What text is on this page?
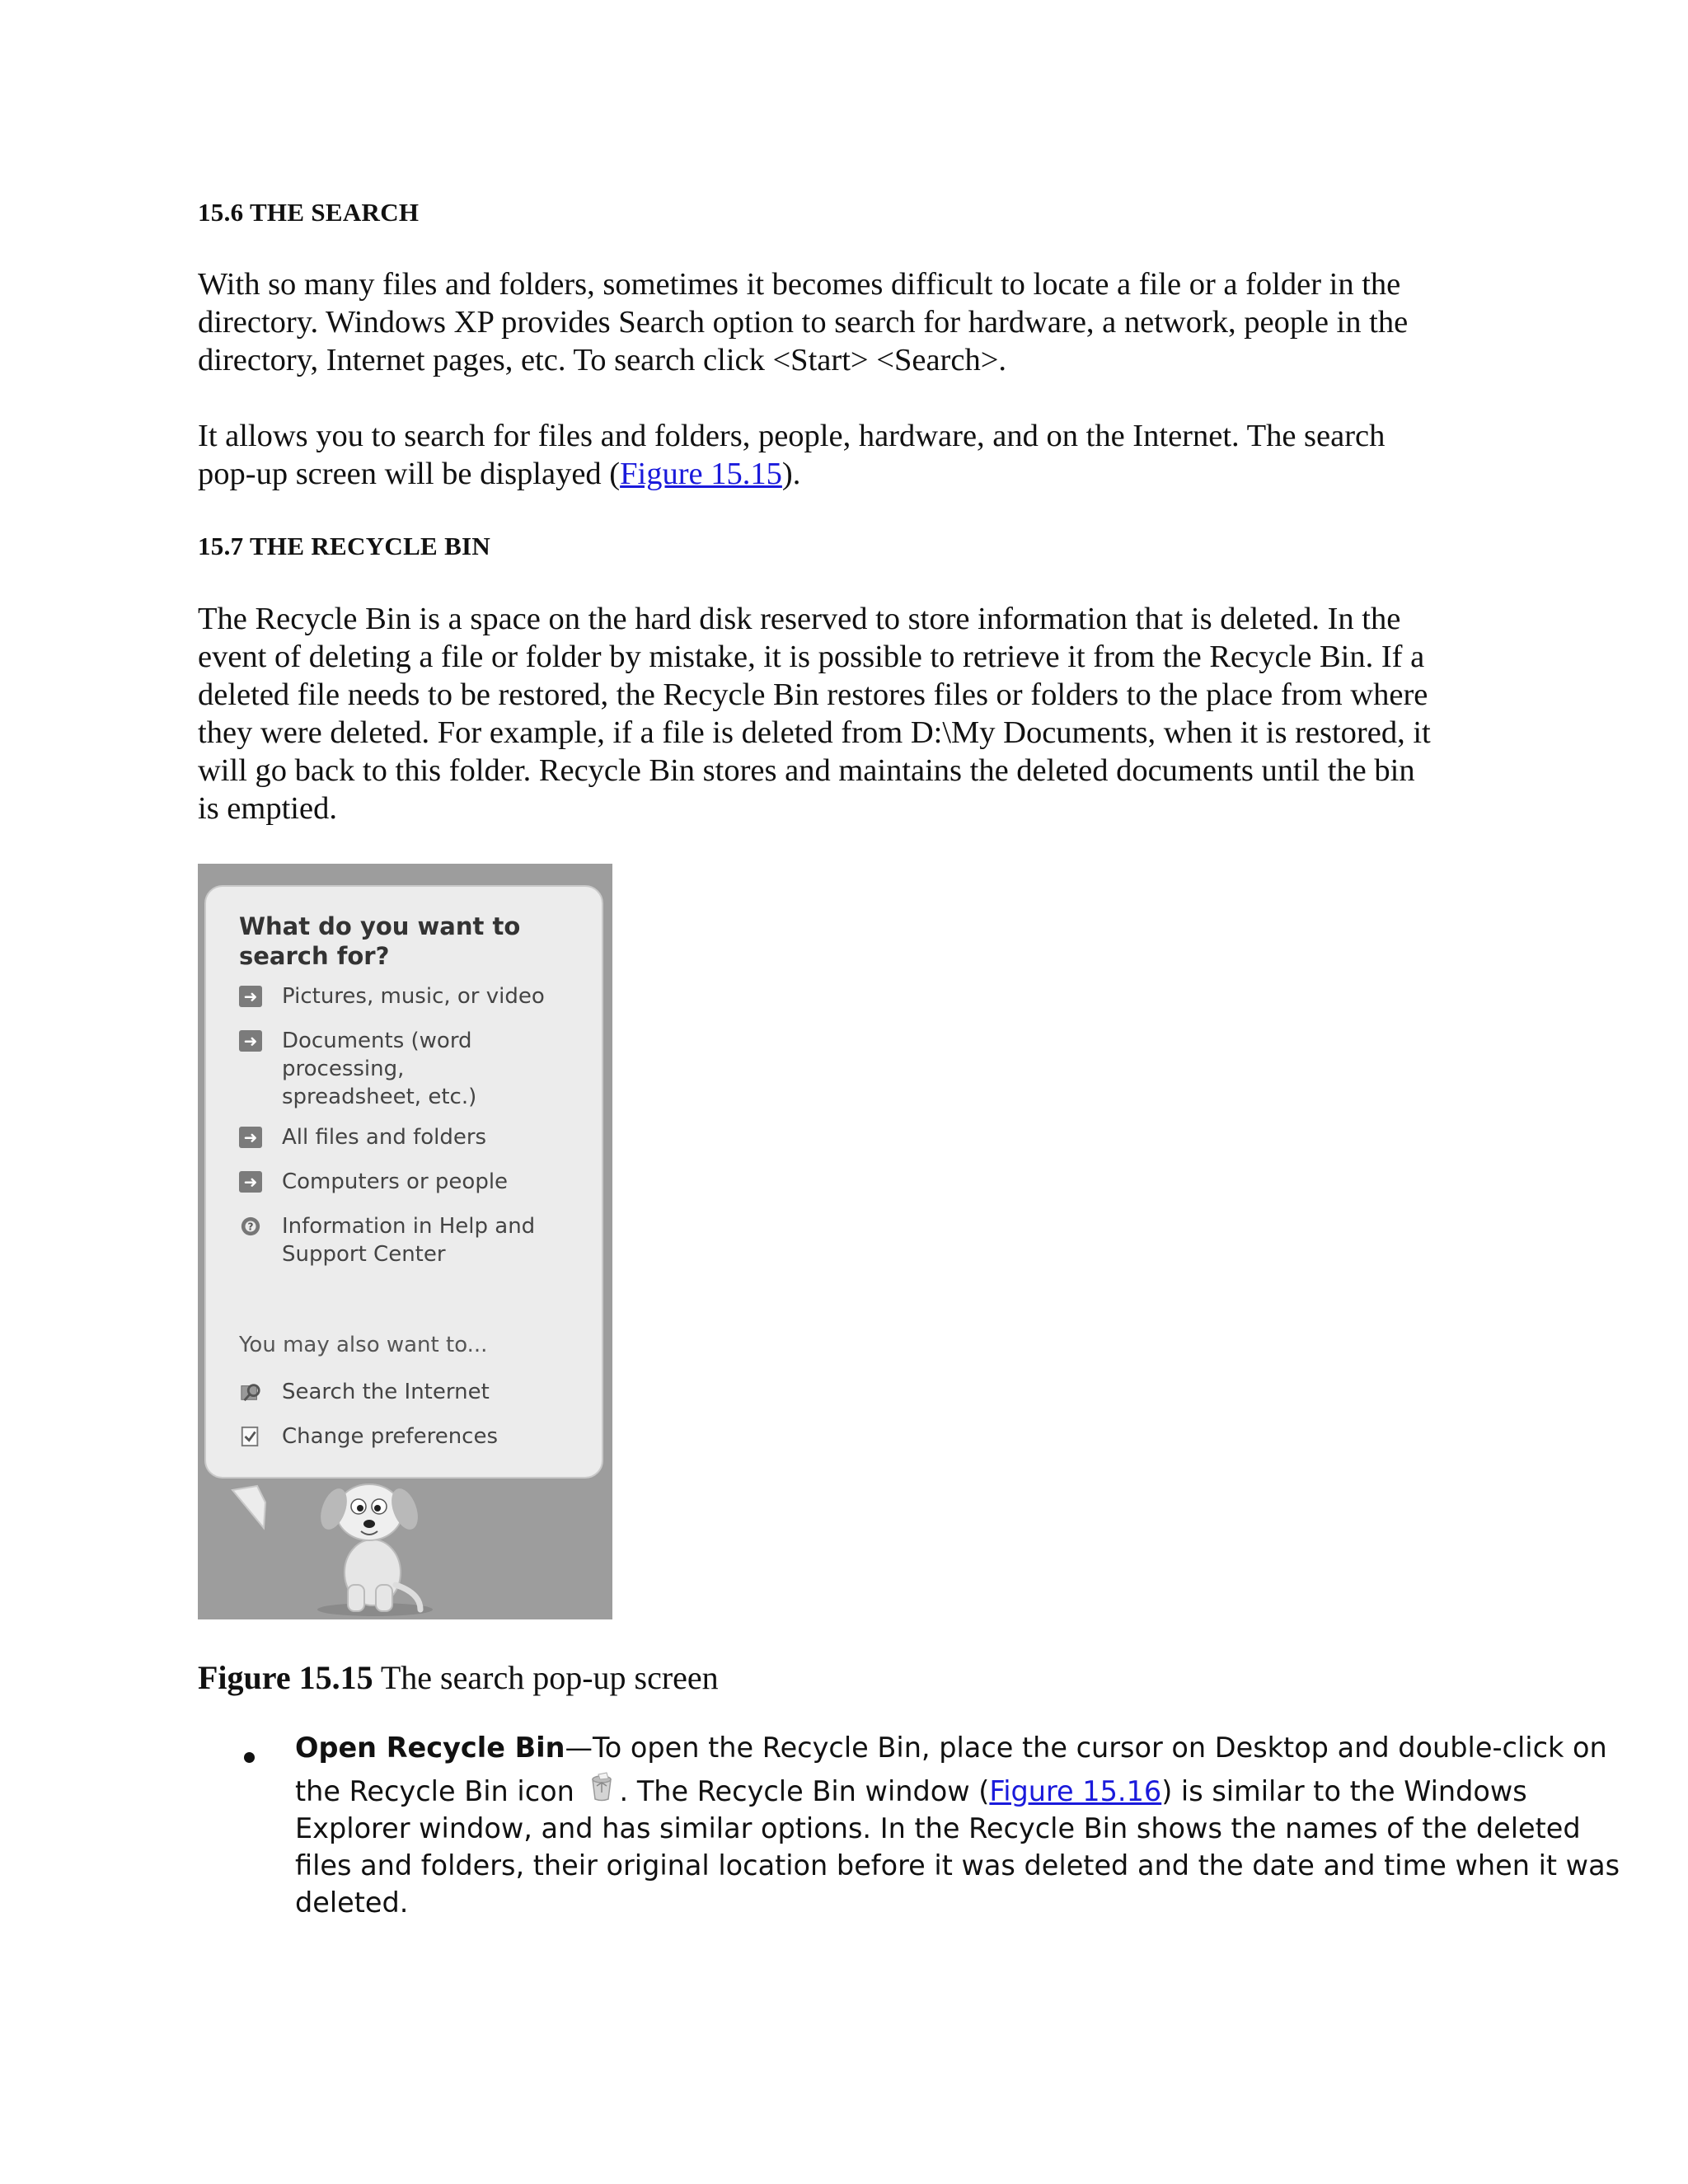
15.6 THE SEARCH

With so many files and folders, sometimes it becomes difficult to locate a file or a folder in the
directory. Windows XP provides Search option to search for hardware, a network, people in the
directory, Internet pages, etc. To search click <Start> <Search>.

It allows you to search for files and folders, people, hardware, and on the Internet. The search
pop-up screen will be displayed (Figure 15.15).

15.7 THE RECYCLE BIN

The Recycle Bin is a space on the hard disk reserved to store information that is deleted. In the
event of deleting a file or folder by mistake, it is possible to retrieve it from the Recycle Bin. If a
deleted file needs to be restored, the Recycle Bin restores files or folders to the place from where
they were deleted. For example, if a file is deleted from D:\My Documents, when it is restored, it
will go back to this folder. Recycle Bin stores and maintains the deleted documents until the bin
is emptied.

What do you want to search for?
➜ Pictures, music, or video
➜ Documents (word processing, spreadsheet, etc.)
➜ All files and folders
➜ Computers or people
? Information in Help and Support Center
You may also want to...
Search the Internet
Change preferences
Figure 15.15 The search pop-up screen
Open Recycle Bin—To open the Recycle Bin, place the cursor on Desktop and double-click on
the Recycle Bin icon . The Recycle Bin window (Figure 15.16) is similar to the Windows
Explorer window, and has similar options. In the Recycle Bin shows the names of the deleted
files and folders, their original location before it was deleted and the date and time when it was
deleted.
